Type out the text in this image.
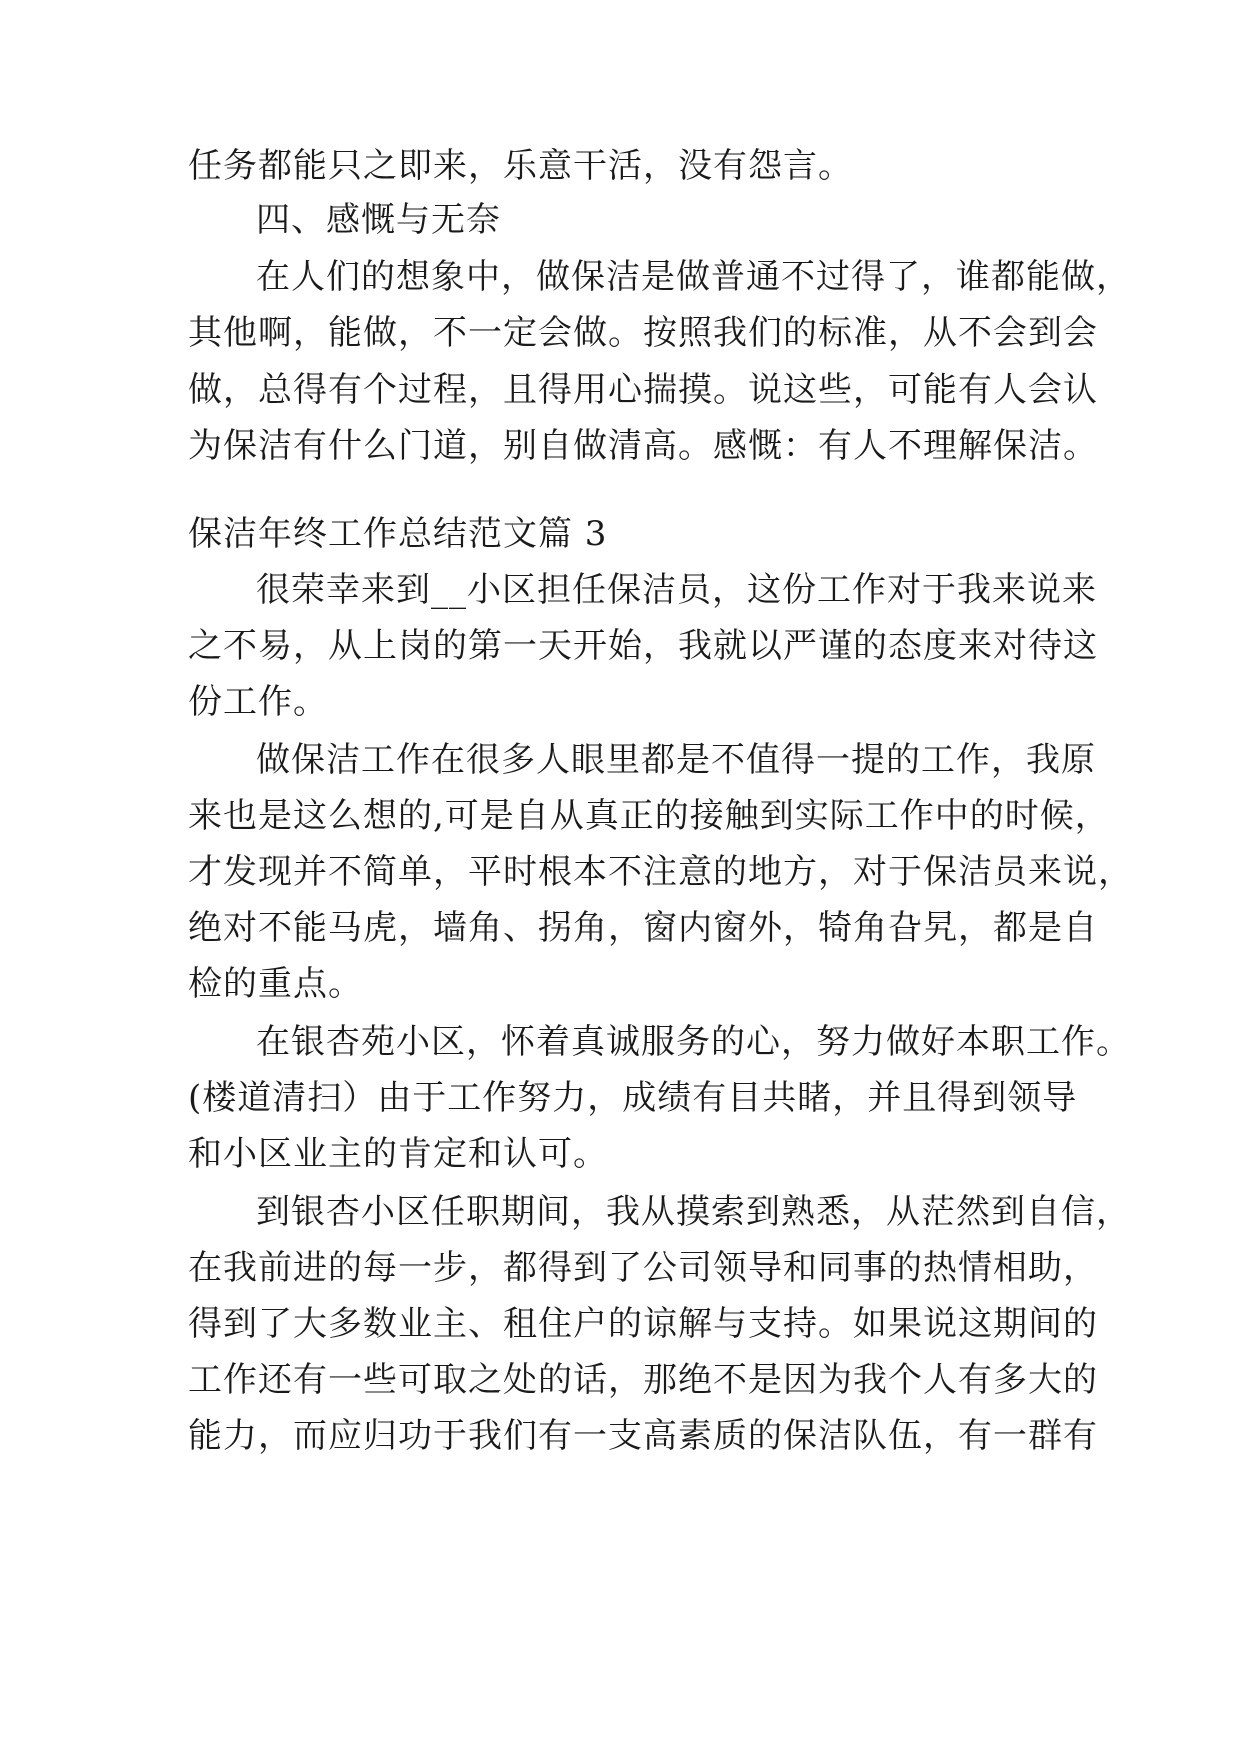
任务都能只之即来，乐意干活，没有怨言。
四、感慨与无奈
在人们的想象中，做保洁是做普通不过得了，谁都能做，
其他啊，能做，不一定会做。按照我们的标准，从不会到会
做，总得有个过程，且得用心揣摸。说这些，可能有人会认
为保洁有什么门道，别自做清高。感慨：有人不理解保洁。
保洁年终工作总结范文篇 3
很荣幸来到__小区担任保洁员，这份工作对于我来说来
之不易，从上岗的第一天开始，我就以严谨的态度来对待这
份工作。
做保洁工作在很多人眼里都是不值得一提的工作，我原
来也是这么想的,可是自从真正的接触到实际工作中的时候，
才发现并不简单，平时根本不注意的地方，对于保洁员来说，
绝对不能马虎，墙角、拐角，窗内窗外，犄角旮旯，都是自
检的重点。
在银杏苑小区，怀着真诚服务的心，努力做好本职工作。
(楼道清扫）由于工作努力，成绩有目共睹，并且得到领导
和小区业主的肯定和认可。
到银杏小区任职期间，我从摸索到熟悉，从茫然到自信，
在我前进的每一步，都得到了公司领导和同事的热情相助，
得到了大多数业主、租住户的谅解与支持。如果说这期间的
工作还有一些可取之处的话，那绝不是因为我个人有多大的
能力，而应归功于我们有一支高素质的保洁队伍，有一群有
